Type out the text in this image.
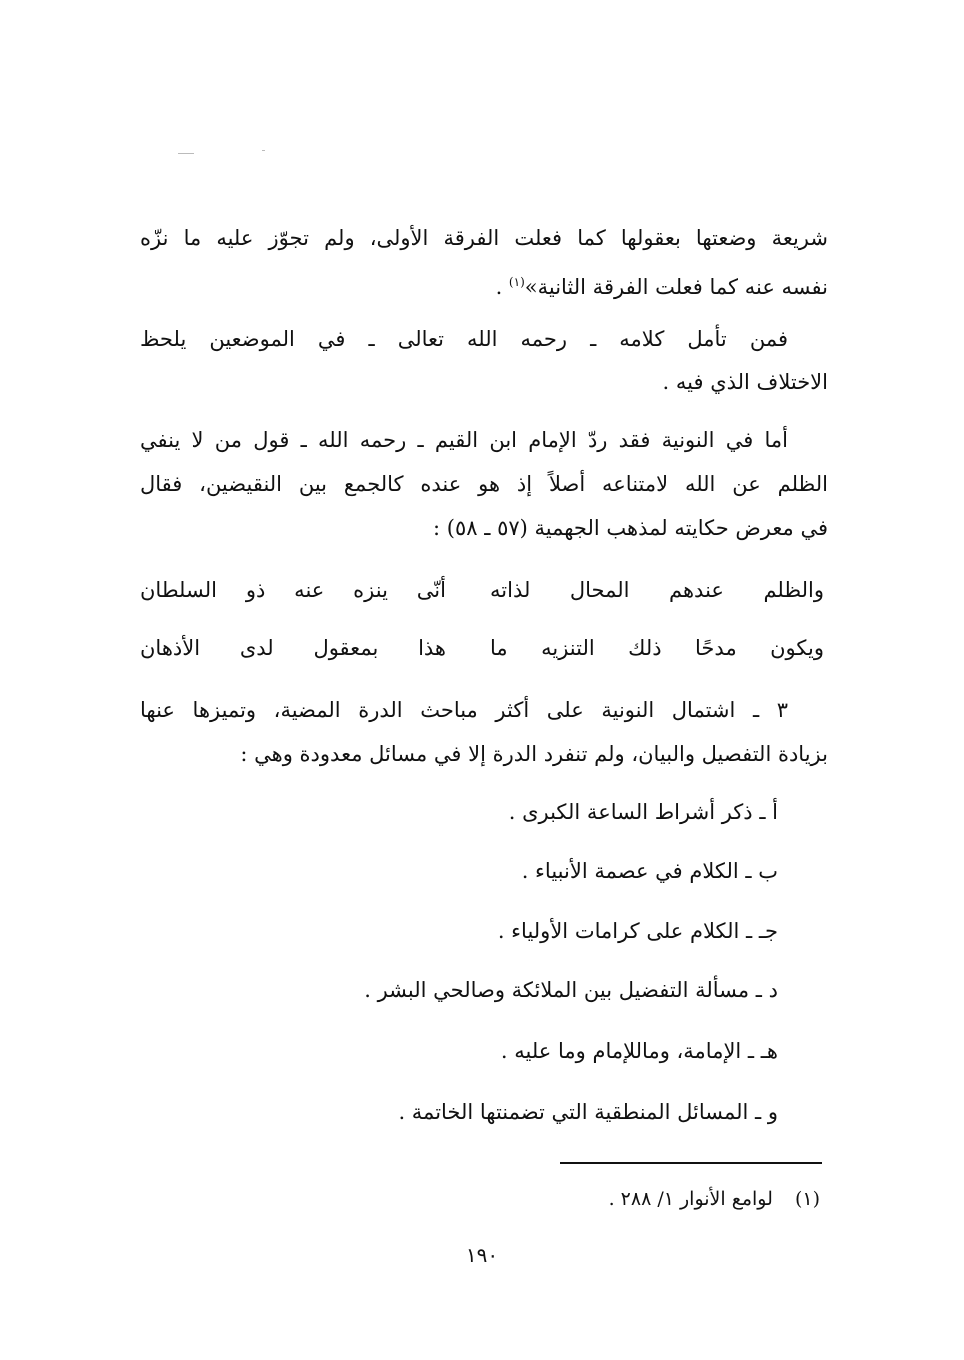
شريعة وضعتها بعقولها كما فعلت الفرقة الأولى، ولم تجوّز عليه ما نزّه
نفسه عنه كما فعلت الفرقة الثانية»$^{(١)}$ .
فمن تأمل كلامه ـ رحمه الله تعالى ـ في الموضعين يلحظ
الاختلاف الذي فيه .
أما في النونية فقد ردّ الإمام ابن القيم ـ رحمه الله ـ قول من لا ينفي
الظلم عن الله لامتناعه أصلاً إذ هو عنده كالجمع بين النقيضين، فقال
في معرض حكايته لمذهب الجهمية (٥٧ ـ ٥٨) :
والظلم عندهم المحال لذاته
أنّى ينزه عنه ذو السلطان
ويكون مدحًا ذلك التنزيه ما
هذا بمعقول لدى الأذهان
٣ ـ اشتمال النونية على أكثر مباحث الدرة المضية، وتميزها عنها
بزيادة التفصيل والبيان، ولم تنفرد الدرة إلا في مسائل معدودة وهي :
أ ـ ذكر أشراط الساعة الكبرى .
ب ـ الكلام في عصمة الأنبياء .
جـ ـ الكلام على كرامات الأولياء .
د ـ مسألة التفضيل بين الملائكة وصالحي البشر .
هـ ـ الإمامة، وماللإمام وما عليه .
و ـ المسائل المنطقية التي تضمنتها الخاتمة .
(١) لوامع الأنوار ١/ ٢٨٨ .
١٩٠
